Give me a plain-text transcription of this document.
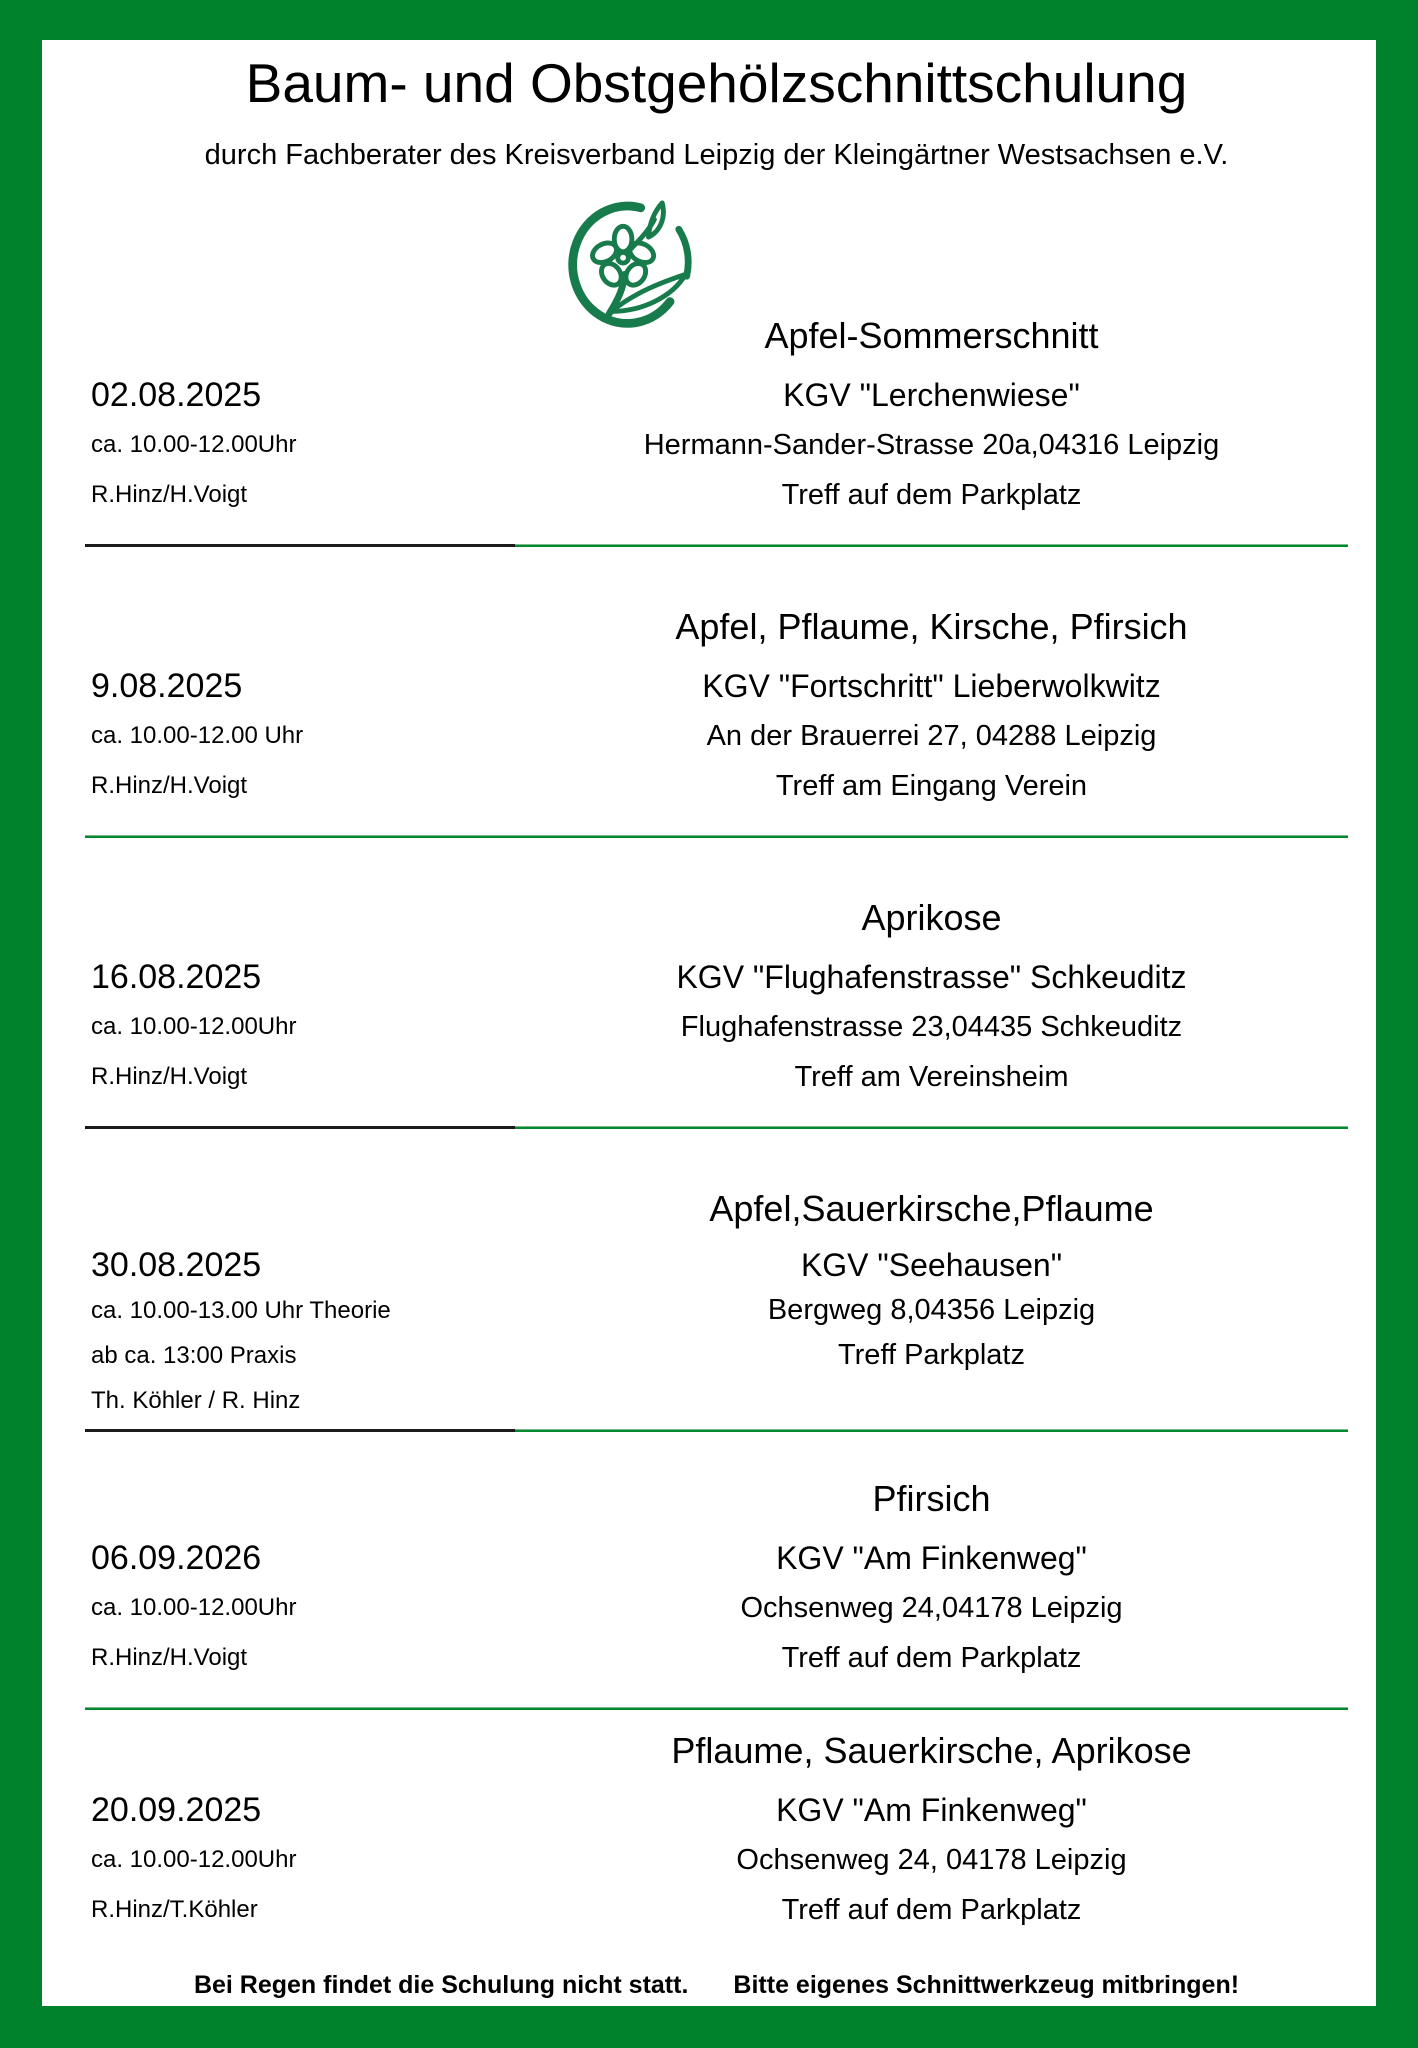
Baum- und Obstgehölzschnittschulung
durch Fachberater des Kreisverband Leipzig der Kleingärtner Westsachsen e.V.
Apfel-Sommerschnitt
02.08.2025	KGV "Lerchenwiese"
ca. 10.00-12.00Uhr	Hermann-Sander-Strasse 20a,04316 Leipzig
R.Hinz/H.Voigt	Treff auf dem Parkplatz
Apfel, Pflaume, Kirsche, Pfirsich
9.08.2025	KGV "Fortschritt" Lieberwolkwitz
ca. 10.00-12.00 Uhr	An der Brauerrei 27, 04288 Leipzig
R.Hinz/H.Voigt	Treff am Eingang Verein
Aprikose
16.08.2025	KGV "Flughafenstrasse" Schkeuditz
ca. 10.00-12.00Uhr	Flughafenstrasse 23,04435 Schkeuditz
R.Hinz/H.Voigt	Treff am Vereinsheim
Apfel,Sauerkirsche,Pflaume
30.08.2025	KGV "Seehausen"
ca. 10.00-13.00 Uhr Theorie	Bergweg 8,04356 Leipzig
ab ca. 13:00 Praxis	Treff Parkplatz
Th. Köhler / R. Hinz
Pfirsich
06.09.2026	KGV "Am Finkenweg"
ca. 10.00-12.00Uhr	Ochsenweg 24,04178 Leipzig
R.Hinz/H.Voigt	Treff auf dem Parkplatz
Pflaume, Sauerkirsche, Aprikose
20.09.2025	KGV "Am Finkenweg"
ca. 10.00-12.00Uhr	Ochsenweg 24, 04178 Leipzig
R.Hinz/T.Köhler	Treff auf dem Parkplatz
Bei Regen findet die Schulung nicht statt. Bitte eigenes Schnittwerkzeug mitbringen!
